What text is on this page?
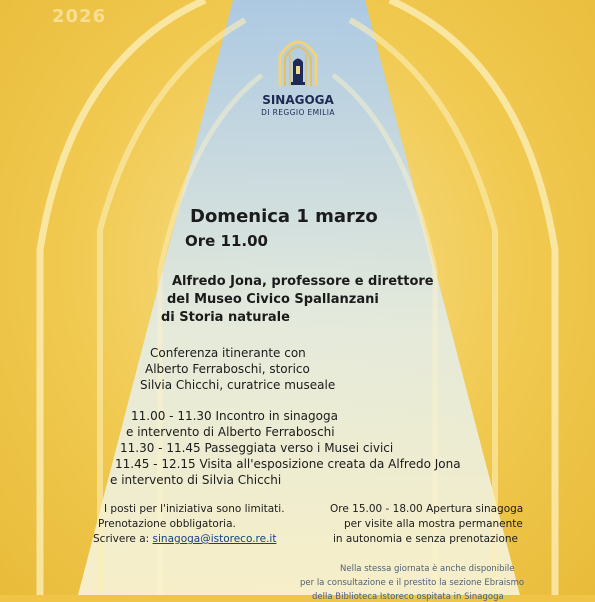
2026
SINAGOGA
DI REGGIO EMILIA
Domenica 1 marzo
Ore 11.00
Alfredo Jona, professore e direttore
del Museo Civico Spallanzani
di Storia naturale
Conferenza itinerante con
Alberto Ferraboschi, storico
Silvia Chicchi, curatrice museale
11.00 - 11.30 Incontro in sinagoga
e intervento di Alberto Ferraboschi
11.30 - 11.45 Passeggiata verso i Musei civici
11.45 - 12.15 Visita all'esposizione creata da Alfredo Jona
e intervento di Silvia Chicchi
I posti per l'iniziativa sono limitati.
Prenotazione obbligatoria.
Scrivere a: sinagoga@istoreco.re.it
Ore 15.00 - 18.00 Apertura sinagoga
per visite alla mostra permanente
in autonomia e senza prenotazione
Nella stessa giornata è anche disponibile
per la consultazione e il prestito la sezione Ebraismo
della Biblioteca Istoreco ospitata in Sinagoga
